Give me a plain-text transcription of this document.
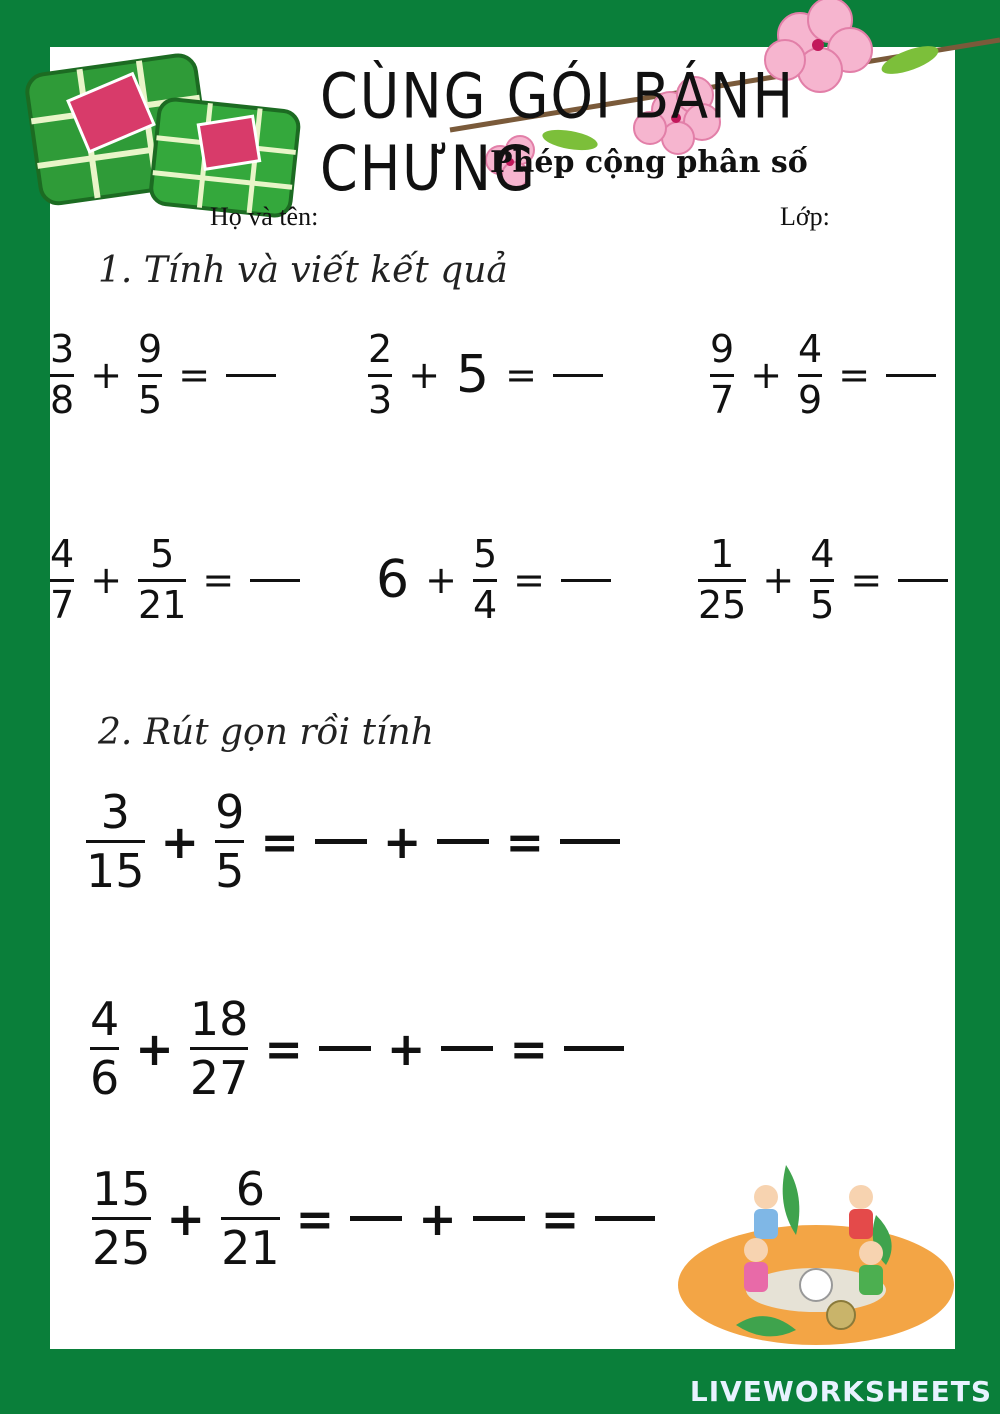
CÙNG GÓI BÁNH CHƯNG
Phép cộng phân số
Họ và tên:	Lớp:
1. Tính và viết kết quả
$\frac{3}{8} + \frac{9}{5}$ =	$\frac{2}{3} + 5$ =	$\frac{9}{7} + \frac{4}{9}$ =
$\frac{4}{7} + \frac{5}{21}$ =	$6 + \frac{5}{4}$ =	$\frac{1}{25} + \frac{4}{5}$ =
2. Rút gọn rồi tính
$\frac{3}{15} + \frac{9}{5}$ = + =
$\frac{4}{6} + \frac{18}{27}$ = + =
$\frac{15}{25} + \frac{6}{21}$ = + =
LIVEWORKSHEETS
